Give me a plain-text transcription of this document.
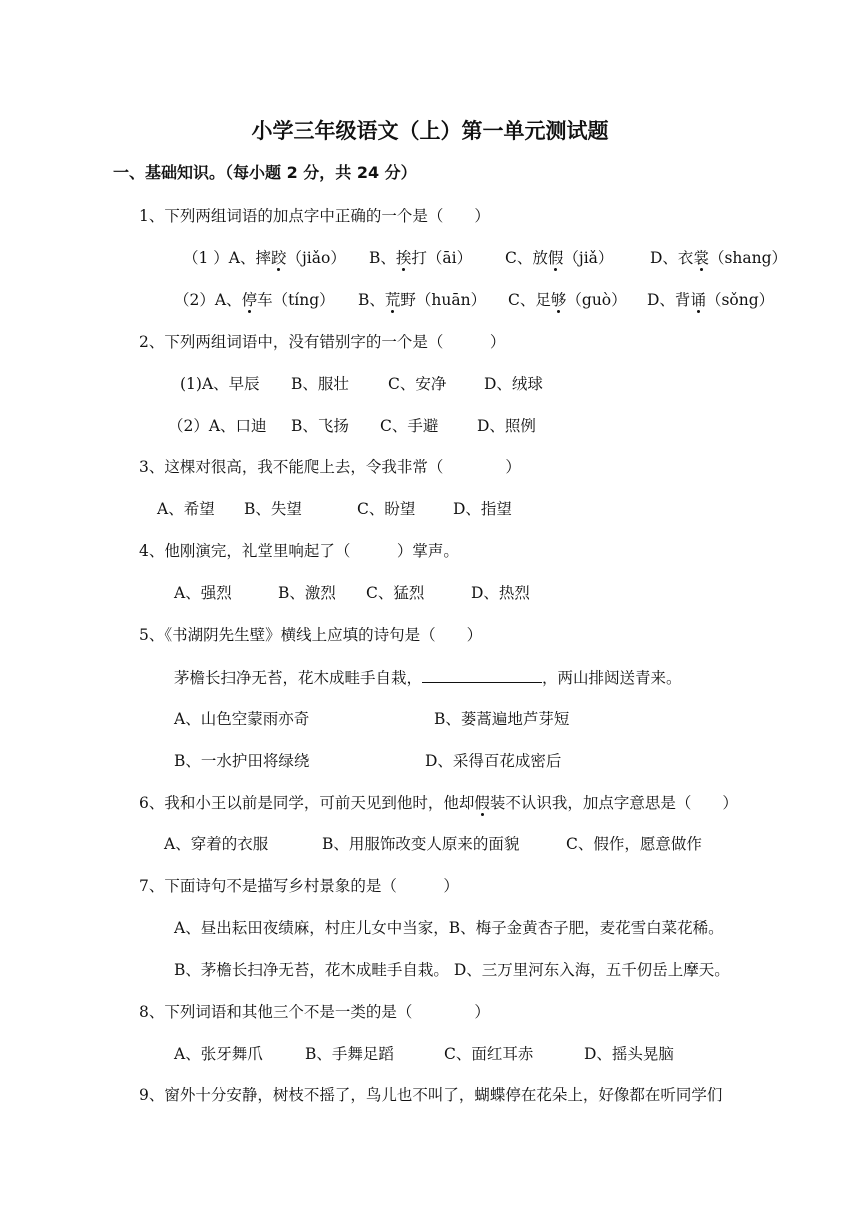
小学三年级语文（上）第一单元测试题
一、基础知识。（每小题 2 分，共 24 分）
1、下列两组词语的加点字中正确的一个是（　　）
（1 ）A、摔跤（jiǎo） B、挨打（āi） C、放假（jiǎ） D、衣裳（shang）
（2）A、停车（tíng） B、荒野（huān） C、足够（guò） D、背诵（sǒng）
2、下列两组词语中，没有错别字的一个是（　　　）
(1)A、早辰 B、服壮	C、安净 D、绒球
（2）A、口迪 B、飞扬 C、手避 D、照例
3、这棵对很高，我不能爬上去，令我非常（　　　　）
A、希望 B、失望	C、盼望 D、指望
4、他刚演完，礼堂里响起了（　　　）掌声。
A、强烈	B、激烈 C、猛烈	D、热烈
5、《书湖阴先生壁》横线上应填的诗句是（　　）
茅檐长扫净无苔，花木成畦手自栽，	，两山排闼送青来。
A、山色空蒙雨亦奇	B、蒌蒿遍地芦芽短
B、一水护田将绿绕	D、采得百花成密后
6、我和小王以前是同学，可前天见到他时，他却假装不认识我，加点字意思是（　　）
A、穿着的衣服	B、用服饰改变人原来的面貌	C、假作，愿意做作
7、下面诗句不是描写乡村景象的是（　　　）
A、昼出耘田夜绩麻，村庄儿女中当家，B、梅子金黄杏子肥，麦花雪白菜花稀。
B、茅檐长扫净无苔，花木成畦手自栽。 D、三万里河东入海，五千仞岳上摩天。
8、下列词语和其他三个不是一类的是（　　　　）
A、张牙舞爪	B、手舞足蹈	C、面红耳赤	D、摇头晃脑
9、窗外十分安静，树枝不摇了，鸟儿也不叫了，蝴蝶停在花朵上，好像都在听同学们
